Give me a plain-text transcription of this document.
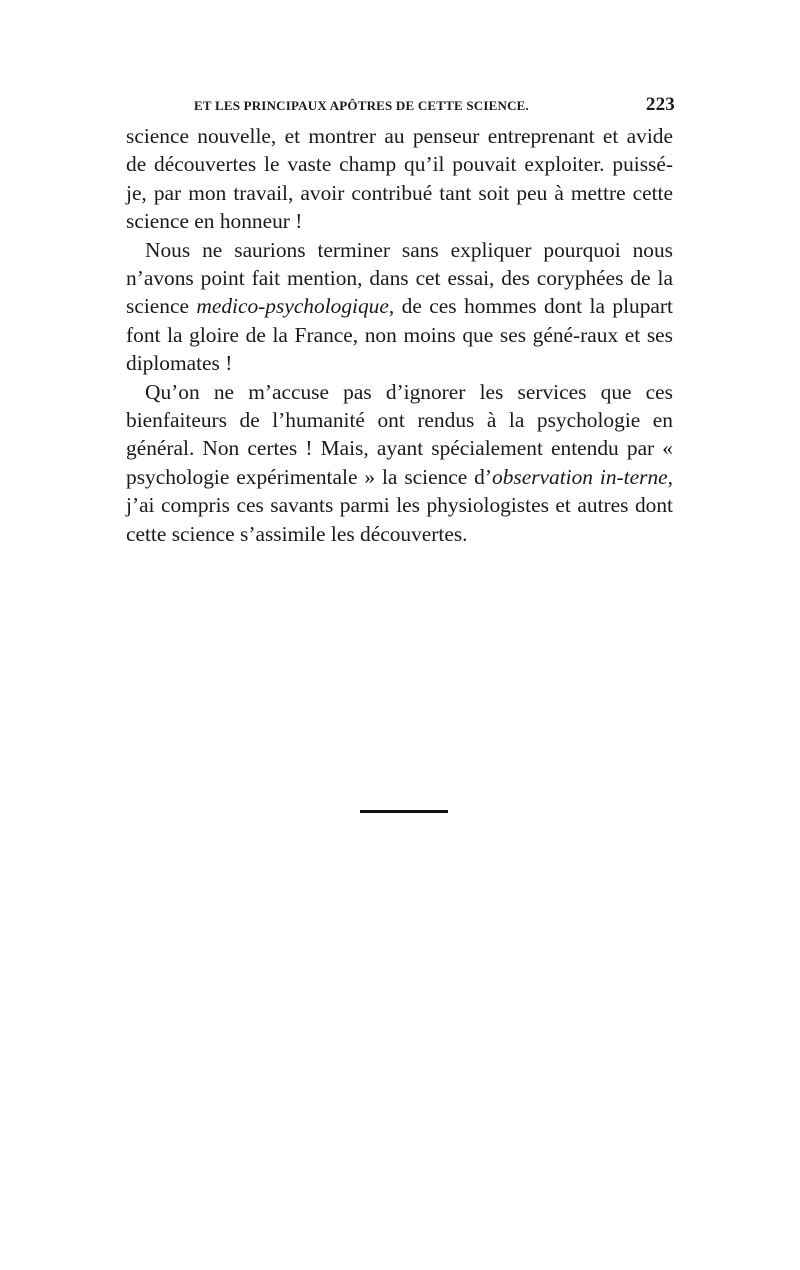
ET LES PRINCIPAUX APÔTRES DE CETTE SCIENCE.	223

science nouvelle, et montrer au penseur entreprenant et avide de découvertes le vaste champ qu’il pouvait exploiter. puissé-je, par mon travail, avoir contribué tant soit peu à mettre cette science en honneur !

Nous ne saurions terminer sans expliquer pourquoi nous n’avons point fait mention, dans cet essai, des coryphées de la science medico-psychologique, de ces hommes dont la plupart font la gloire de la France, non moins que ses géné-raux et ses diplomates !

Qu’on ne m’accuse pas d’ignorer les services que ces bienfaiteurs de l’humanité ont rendus à la psychologie en général. Non certes ! Mais, ayant spécialement entendu par « psychologie expérimentale » la science d’observation in-terne, j’ai compris ces savants parmi les physiologistes et autres dont cette science s’assimile les découvertes.
